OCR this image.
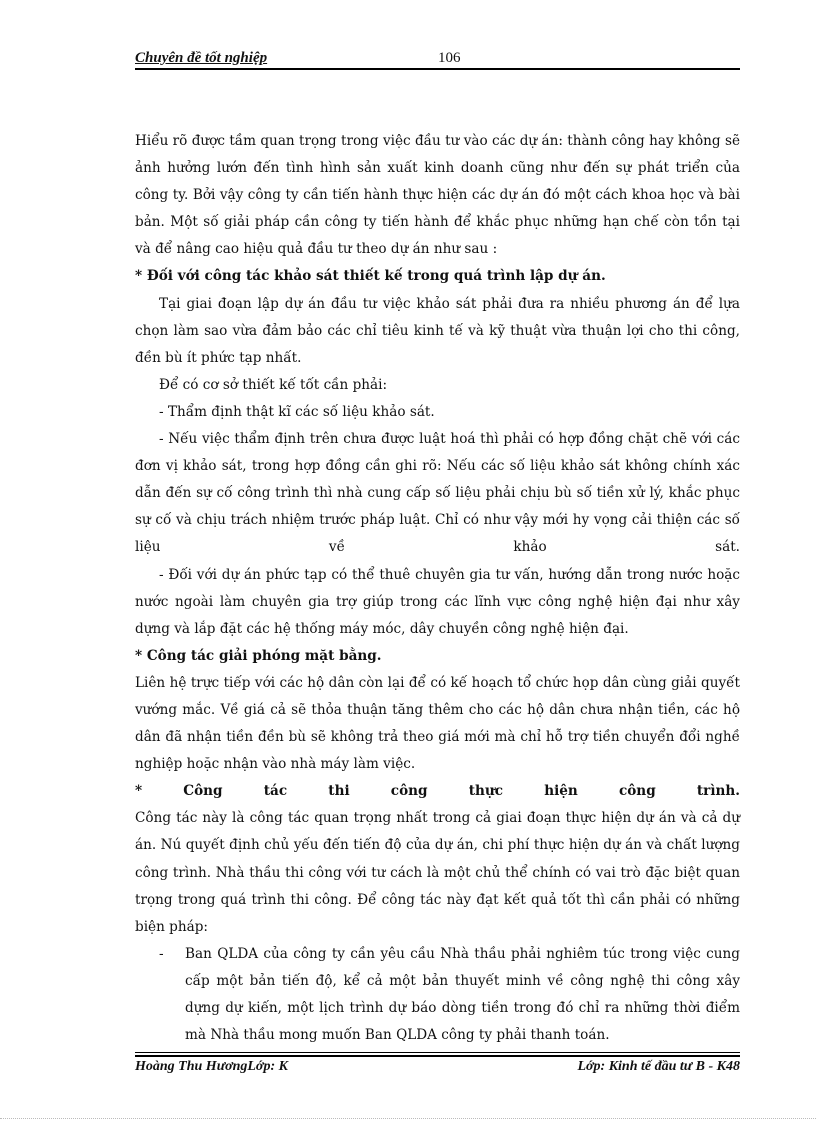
Chuyên đề tốt nghiệp	106

Hiểu rõ được tầm quan trọng trong việc đầu tư vào các dự án: thành công hay không sẽ ảnh hưởng lướn đến tình hình sản xuất kinh doanh cũng như đến sự phát triển của công ty. Bởi vậy công ty cần tiến hành thực hiện các dự án đó một cách khoa học và bài bản. Một số giải pháp cần công ty tiến hành để khắc phục những hạn chế còn tồn tại và để nâng cao hiệu quả đầu tư theo dự án như sau :

* Đối với công tác khảo sát thiết kế trong quá trình lập dự án.

Tại giai đoạn lập dự án đầu tư việc khảo sát phải đưa ra nhiều phương án để lựa chọn làm sao vừa đảm bảo các chỉ tiêu kinh tế và kỹ thuật vừa thuận lợi cho thi công, đền bù ít phức tạp nhất.

Để có cơ sở thiết kế tốt cần phải:

- Thẩm định thật kĩ các số liệu khảo sát.

- Nếu việc thẩm định trên chưa được luật hoá thì phải có hợp đồng chặt chẽ với các đơn vị khảo sát, trong hợp đồng cần ghi rõ: Nếu các số liệu khảo sát không chính xác dẫn đến sự cố công trình thì nhà cung cấp số liệu phải chịu bù số tiền xử lý, khắc phục sự cố và chịu trách nhiệm trước pháp luật. Chỉ có như vậy mới hy vọng cải thiện các số liệu về khảo sát.

- Đối với dự án phức tạp có thể thuê chuyên gia tư vấn, hướng dẫn trong nước hoặc nước ngoài làm chuyên gia trợ giúp trong các lĩnh vực công nghệ hiện đại như xây dựng và lắp đặt các hệ thống máy móc, dây chuyền công nghệ hiện đại.

* Công tác giải phóng mặt bằng.

Liên hệ trực tiếp với các hộ dân còn lại để có kế hoạch tổ chức họp dân cùng giải quyết vướng mắc. Về giá cả sẽ thỏa thuận tăng thêm cho các hộ dân chưa nhận tiền, các hộ dân đã nhận tiền đền bù sẽ không trả theo giá mới mà chỉ hỗ trợ tiền chuyển đổi nghề nghiệp hoặc nhận vào nhà máy làm việc.

* Công tác thi công thực hiện công trình.

Công tác này là công tác quan trọng nhất trong cả giai đoạn thực hiện dự án và cả dự án. Nú quyết định chủ yếu đến tiến độ của dự án, chi phí thực hiện dự án và chất lượng công trình. Nhà thầu thi công với tư cách là một chủ thể chính có vai trò đặc biệt quan trọng trong quá trình thi công. Để công tác này đạt kết quả tốt thì cần phải có những biện pháp:

- Ban QLDA của công ty cần yêu cầu Nhà thầu phải nghiêm túc trong việc cung cấp một bản tiến độ, kể cả một bản thuyết minh về công nghệ thi công xây dựng dự kiến, một lịch trình dự báo dòng tiền trong đó chỉ ra những thời điểm mà Nhà thầu mong muốn Ban QLDA công ty phải thanh toán.

Hoàng Thu HươngLớp: K	Lớp: Kinh tế đầu tư B - K48
